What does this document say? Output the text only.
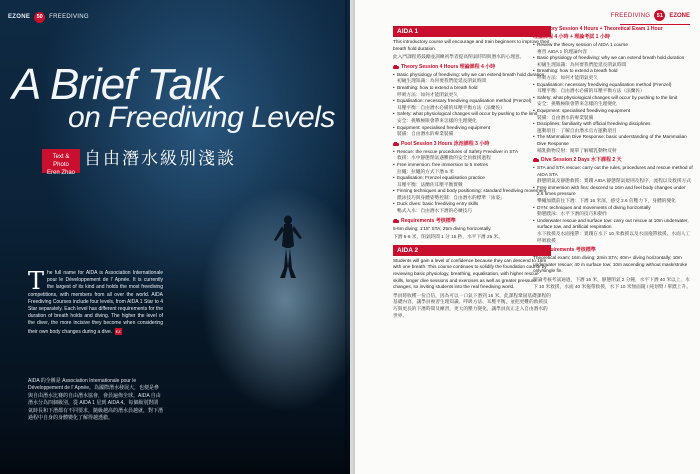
EZONE	50	FREEDIVING
A Brief Talk
on Freediving Levels
Text & Photo
Eren Zhao
自由潛水級別淺談
T he full name for AIDA is Association Internationale pour le Développement de l' Apnée. It is currently the largest of its kind and holds the most freediving competitions, with members from all over the world. AIDA Freediving Courses include four levels, from AIDA 1 Star to 4 Star separately. Each level has different requirements for the duration of breath holds and diving. The higher the level of the diver, the more incisive they become when considering their own body changes during a dive. EZ
AIDA 的全稱是 Association Internationale pour le Développement de l' Apnée。為國際潛水發展大，也便是參與自由潛水比賽的自由潛水協會，會員遍佈全球。AIDA 自由潛水分為四個級別，從 AIDA 1 星到 AIDA 4。每個級別對閉氣時長和下潛都有不同要求，隨級越高的潛水員越就，對下潛過程中自身的身體變化了解得越透徹。
FREEDIVING	51	EZONE
AIDA 1
This introductory course will encourage and train beginners to improve their breath hold duration.
此入門課程將鼓勵並訓練初學者提高閉氣時間與潛水的心理意。
Theory Session 4 Hours 理論課程 4 小時
• Basic physiology of freediving: why we can extend breath hold duration
初級生理知識：為何要我們能延長閉氣時間
• Breathing: how to extend a breath hold
呼吸方法：如何才能閉氣更久
• Equalisation: necessary freediving equalisation method (Frenzel)
耳壓平衡：自由潛水必備的耳壓平衡方法（法蘭佐）
• Safety: what physiological changes will occur by pushing to the limit
安全：挑戰極限會帶來怎樣的生理變化
• Equipment: specialised freediving equipment
裝備：自由潛水的專業裝備
Pool Session 3 Hours 泳池課程 3 小時
• Rescue: the rescue procedures of Safety Freediver in STA
救援：水中靜態閉氣遇難救的安全員救援過程
• Free immersion: free immersion to 5 metres
拉繩：拉繩的方式下潛 5 米
• Equalisation: Frenzel equalisation practice
耳壓平衡：法蘭佐耳壓平衡實戰
• Finning techniques and body positioning: standard freediving movement
蹼泳技巧與身體姿勢控制：自由潛水的標準「泳姿」
• Duck dives: basic freediving entry skills
鴨式入水：自由潛水下潛的必練技巧
Requirements 考核標準
5-6m diving; 1'15" STA; 25m diving horizontally.
下潛 5-6 米，閉氣時間 1 分 15 秒，水平下潛 25 米。
AIDA 2
Students will gain a level of confidence because they can descend to 16m with one breath. This course continues to solidify the foundation course by reviewing basic physiology, breathing, equalisation, with higher rescue skills, longer dive sessions and exercises as well as greater pressure changes, so inviting students into the real freediving world.
學員將收穫一份自信，因為可以一口氣下潛到 16 米。此課程鞏固基礎課程的基礎內容，讓學員複習生理知識、呼吸方法、耳壓平衡，並把更難的救援技巧與更長的下潛時間及練習，更大的壓力變化，讓學員真正走入自由潛水的世界。
Theory Session 4 Hours + Theoretical Exam 1 Hour
理論課程 4 小時 + 理論考試 1 小時
• Review the theory session of AIDA 1 course
複習 AIDA 1 的理論內容
• Basic physiology of freediving: why we can extend breath hold duration
初級生理知識：為何要我們能延長閉氣時間
• Breathing: how to extend a breath hold
呼吸方法：如何才能閉氣更久
• Equalisation: necessary freediving equalisation method (Frenzel)
耳壓平衡：自由潛水必備的耳壓平衡方法（法蘭佐）
• Safety: what physiological changes will occur by pushing to the limit
安全：挑戰極限會帶來怎樣的生理變化
• Equipment: specialised freediving equipment
裝備：自由潛水的專業裝備
• Disciplines: familiarity with official freediving disciplines
運動項目：了解自由潛水官方運動項目
• The Mammalian Dive Response: basic understanding of the Mammalian Dive Response
哺乳動物反射：簡單了解哺乳動物反射
Dive Session 2 Days 水下課程 2 天
• STA and STA rescue: carry out the rules, procedures and rescue method of AIDA STA
靜態閉氣及靜態救援：實踐 AIDA 靜態閉氣規則及程序，流程以及救援方式
• Free immersion with fins: descend to 16m and feel body changes under 2.6 times pressure
攀繩加蹼前往下潛：下潛 16 米深，感受 2.6 倍壓力下，身體的變化
• DYN: techniques and movements of diving horizontally
動態蹼泳：水平下潛的技巧和動作
• Underwater rescue and surface tow: carry out rescue at 10m underwater, surface tow, and artificial respiration
水下救援及水面拖帶：實踐在水下 10 米救援以及水面拖帶救援、水面人工呼吸救援
Requirements 考核標準
Theoretical exam; 16m diving; 2min STA; 40m+ diving horizontally; 10m underwater rescue; 40 m surface tow; 10m ascending without mask/stroke only/single fin.
理論考核考試通過，下潛 16 米，靜態閉氣 2 分鐘，水平下潛 40 米以上，水下 10 米救援，水面 40 米拖帶救援，水下 10 米無面鏡 / 純划臂 / 單蹼上升。
